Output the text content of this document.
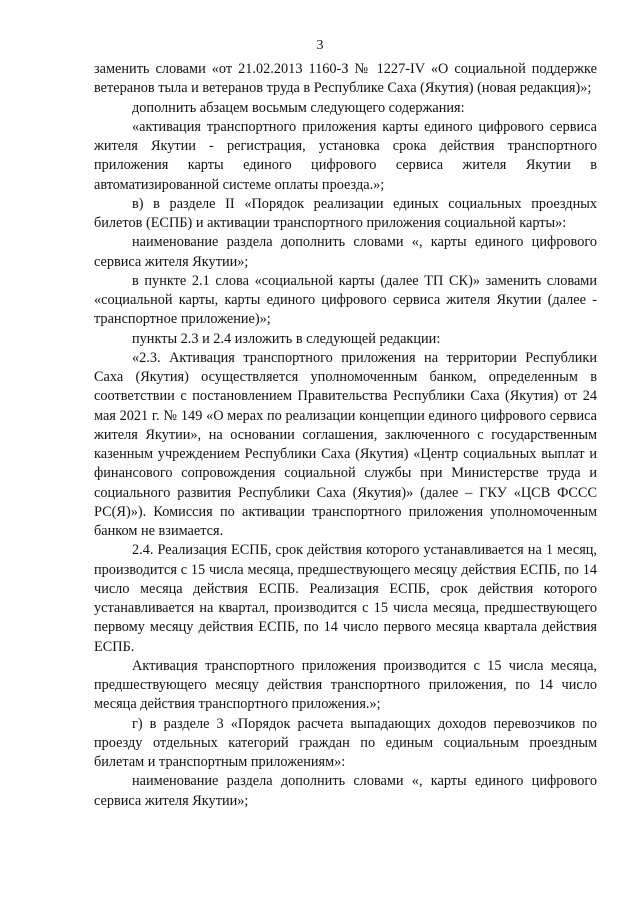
3

заменить словами «от 21.02.2013 1160-З № 1227-IV «О социальной поддержке ветеранов тыла и ветеранов труда в Республике Саха (Якутия) (новая редакция)»;

дополнить абзацем восьмым следующего содержания:

«активация транспортного приложения карты единого цифрового сервиса жителя Якутии - регистрация, установка срока действия транспортного приложения карты единого цифрового сервиса жителя Якутии в автоматизированной системе оплаты проезда.»;

в) в разделе II «Порядок реализации единых социальных проездных билетов (ЕСПБ) и активации транспортного приложения социальной карты»:

наименование раздела дополнить словами «, карты единого цифрового сервиса жителя Якутии»;

в пункте 2.1 слова «социальной карты (далее ТП СК)» заменить словами «социальной карты, карты единого цифрового сервиса жителя Якутии (далее - транспортное приложение)»;

пункты 2.3 и 2.4 изложить в следующей редакции:

«2.3. Активация транспортного приложения на территории Республики Саха (Якутия) осуществляется уполномоченным банком, определенным в соответствии с постановлением Правительства Республики Саха (Якутия) от 24 мая 2021 г. № 149 «О мерах по реализации концепции единого цифрового сервиса жителя Якутии», на основании соглашения, заключенного с государственным казенным учреждением Республики Саха (Якутия) «Центр социальных выплат и финансового сопровождения социальной службы при Министерстве труда и социального развития Республики Саха (Якутия)» (далее – ГКУ «ЦСВ ФССС РС(Я)»). Комиссия по активации транспортного приложения уполномоченным банком не взимается.

2.4. Реализация ЕСПБ, срок действия которого устанавливается на 1 месяц, производится с 15 числа месяца, предшествующего месяцу действия ЕСПБ, по 14 число месяца действия ЕСПБ. Реализация ЕСПБ, срок действия которого устанавливается на квартал, производится с 15 числа месяца, предшествующего первому месяцу действия ЕСПБ, по 14 число первого месяца квартала действия ЕСПБ.

Активация транспортного приложения производится с 15 числа месяца, предшествующего месяцу действия транспортного приложения, по 14 число месяца действия транспортного приложения.»;

г) в разделе 3 «Порядок расчета выпадающих доходов перевозчиков по проезду отдельных категорий граждан по единым социальным проездным билетам и транспортным приложениям»:

наименование раздела дополнить словами «, карты единого цифрового сервиса жителя Якутии»;
